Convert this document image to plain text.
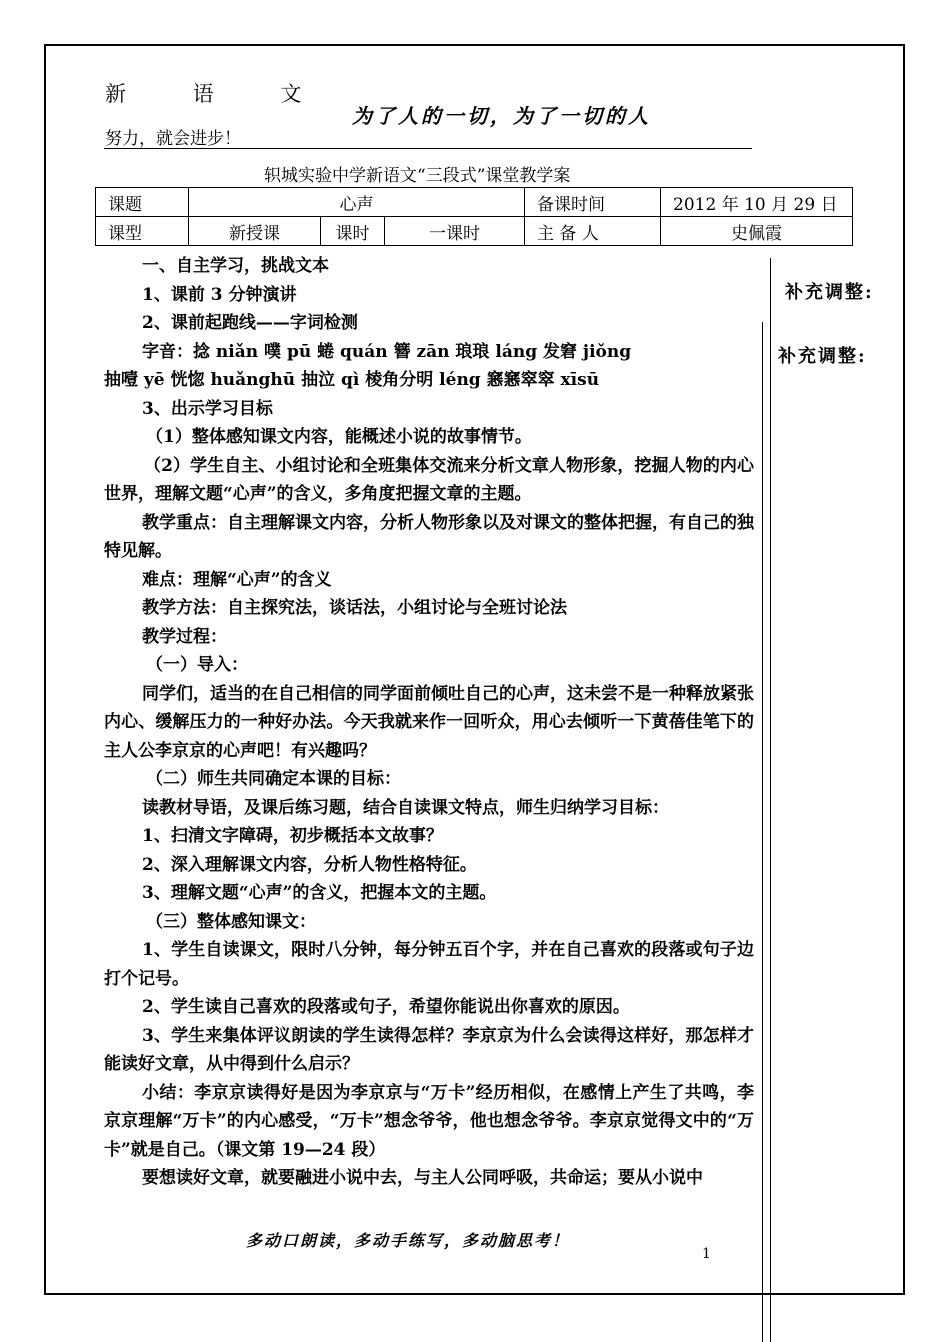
新 语 文
努力，就会进步！
为了人的一切，为了一切的人
轵城实验中学新语文“三段式”课堂教学案
课题	心声			备课时间	2012 年 10 月 29 日
课型	新授课	课时	一课时	主 备 人	史佩霞
补充调整:
补充调整:

一、自主学习，挑战文本

1、课前 3 分钟演讲

2、课前起跑线——字词检测

字音：捻 niǎn 噗 pū 蜷 quán 簪 zān 琅琅 láng 发窘 jiǒng

抽噎 yē 恍惚 huǎnghū 抽泣 qì 棱角分明 léng 窸窸窣窣 xīsū

3、出示学习目标

（1）整体感知课文内容，能概述小说的故事情节。

（2）学生自主、小组讨论和全班集体交流来分析文章人物形象，挖掘人物的内心世界，理解文题“心声”的含义，多角度把握文章的主题。

教学重点：自主理解课文内容，分析人物形象以及对课文的整体把握，有自己的独特见解。

难点：理解“心声”的含义

教学方法：自主探究法，谈话法，小组讨论与全班讨论法

教学过程：

（一）导入：

同学们，适当的在自己相信的同学面前倾吐自己的心声，这未尝不是一种释放紧张内心、缓解压力的一种好办法。今天我就来作一回听众，用心去倾听一下黄蓓佳笔下的主人公李京京的心声吧！有兴趣吗？

（二）师生共同确定本课的目标：

读教材导语，及课后练习题，结合自读课文特点，师生归纳学习目标：

1、扫清文字障碍，初步概括本文故事？

2、深入理解课文内容，分析人物性格特征。

3、理解文题“心声”的含义，把握本文的主题。

（三）整体感知课文：

1、学生自读课文，限时八分钟，每分钟五百个字，并在自己喜欢的段落或句子边打个记号。

2、学生读自己喜欢的段落或句子，希望你能说出你喜欢的原因。

3、学生来集体评议朗读的学生读得怎样？李京京为什么会读得这样好，那怎样才能读好文章，从中得到什么启示？

小结：李京京读得好是因为李京京与“万卡”经历相似，在感情上产生了共鸣，李京京理解“万卡”的内心感受，“万卡”想念爷爷，他也想念爷爷。李京京觉得文中的“万卡”就是自己。（课文第 19—24 段）

要想读好文章，就要融进小说中去，与主人公同呼吸，共命运；要从小说中

多动口朗读，多动手练写，多动脑思考！
1
